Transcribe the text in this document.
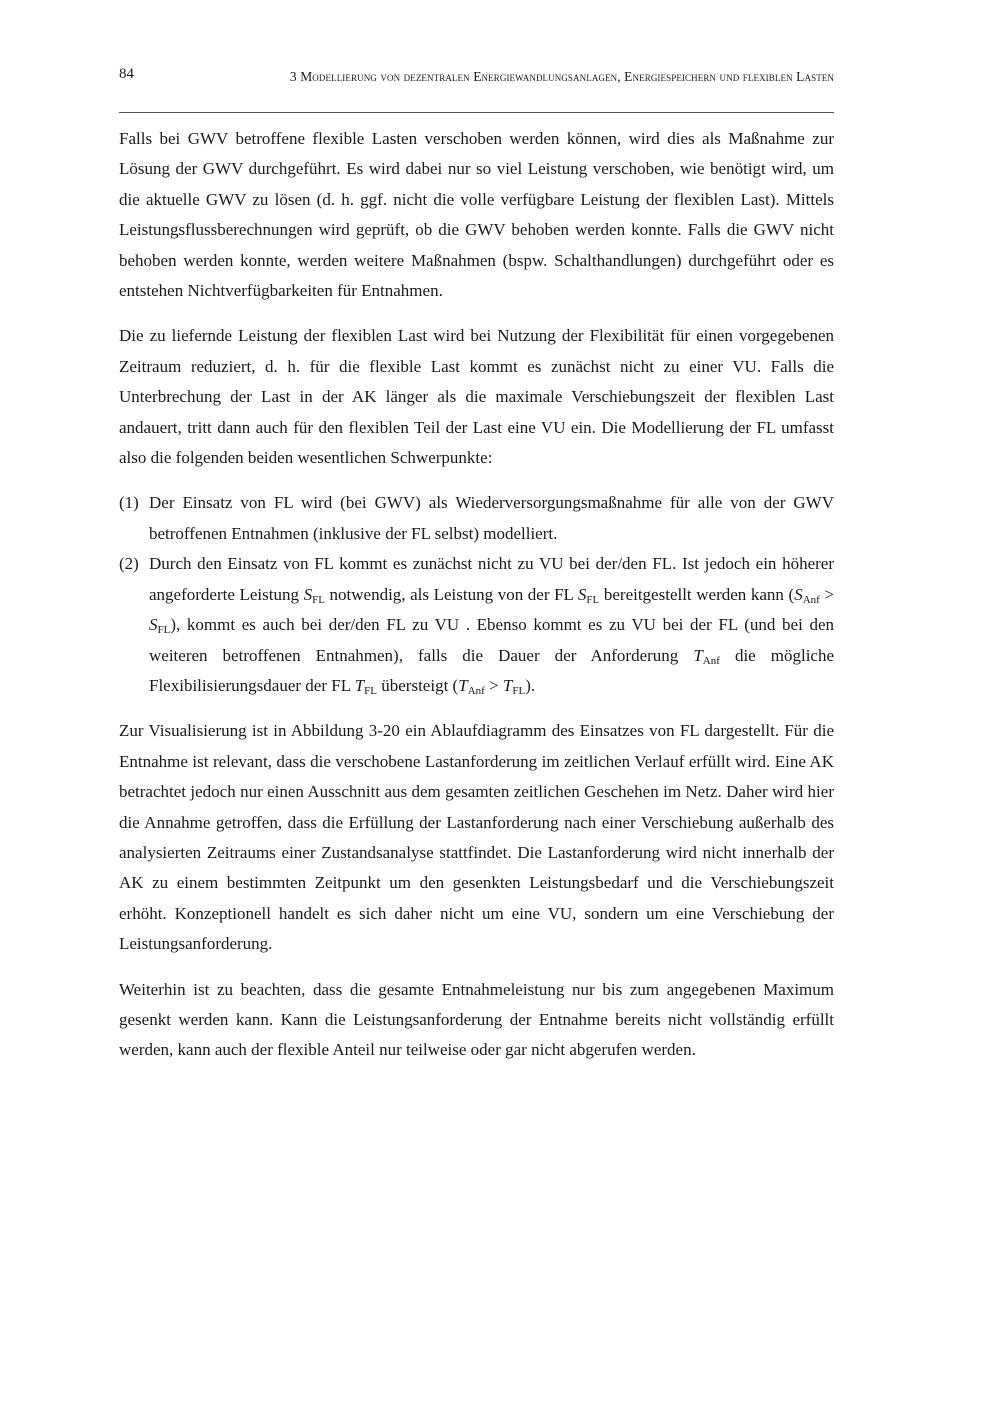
84	3 Modellierung von dezentralen Energiewandlungsanlagen, Energiespeichern und flexiblen Lasten

Falls bei GWV betroffene flexible Lasten verschoben werden können, wird dies als Maßnahme zur Lösung der GWV durchgeführt. Es wird dabei nur so viel Leistung verschoben, wie benötigt wird, um die aktuelle GWV zu lösen (d. h. ggf. nicht die volle verfügbare Leistung der flexiblen Last). Mittels Leistungsflussberechnungen wird geprüft, ob die GWV behoben werden konnte. Falls die GWV nicht behoben werden konnte, werden weitere Maßnahmen (bspw. Schalthandlungen) durchgeführt oder es entstehen Nichtverfügbarkeiten für Entnahmen.

Die zu liefernde Leistung der flexiblen Last wird bei Nutzung der Flexibilität für einen vorgegebenen Zeitraum reduziert, d. h. für die flexible Last kommt es zunächst nicht zu einer VU. Falls die Unterbrechung der Last in der AK länger als die maximale Verschiebungszeit der flexiblen Last andauert, tritt dann auch für den flexiblen Teil der Last eine VU ein. Die Modellierung der FL umfasst also die folgenden beiden wesentlichen Schwerpunkte:

(1) Der Einsatz von FL wird (bei GWV) als Wiederversorgungsmaßnahme für alle von der GWV betroffenen Entnahmen (inklusive der FL selbst) modelliert.
(2) Durch den Einsatz von FL kommt es zunächst nicht zu VU bei der/den FL. Ist jedoch ein höherer angeforderte Leistung $S_{FL}$ notwendig, als Leistung von der FL $S_{FL}$ bereitgestellt werden kann $(S_{Anf} > S_{FL})$, kommt es auch bei der/den FL zu VU . Ebenso kommt es zu VU bei der FL (und bei den weiteren betroffenen Entnahmen), falls die Dauer der Anforderung $T_{Anf}$ die mögliche Flexibilisierungsdauer der FL $T_{FL}$ übersteigt $(T_{Anf} > T_{FL})$.

Zur Visualisierung ist in Abbildung 3-20 ein Ablaufdiagramm des Einsatzes von FL dargestellt. Für die Entnahme ist relevant, dass die verschobene Lastanforderung im zeitlichen Verlauf erfüllt wird. Eine AK betrachtet jedoch nur einen Ausschnitt aus dem gesamten zeitlichen Geschehen im Netz. Daher wird hier die Annahme getroffen, dass die Erfüllung der Lastanforderung nach einer Verschiebung außerhalb des analysierten Zeitraums einer Zustandsanalyse stattfindet. Die Lastanforderung wird nicht innerhalb der AK zu einem bestimmten Zeitpunkt um den gesenkten Leistungsbedarf und die Verschiebungszeit erhöht. Konzeptionell handelt es sich daher nicht um eine VU, sondern um eine Verschiebung der Leistungsanforderung.

Weiterhin ist zu beachten, dass die gesamte Entnahmeleistung nur bis zum angegebenen Maximum gesenkt werden kann. Kann die Leistungsanforderung der Entnahme bereits nicht vollständig erfüllt werden, kann auch der flexible Anteil nur teilweise oder gar nicht abgerufen werden.
